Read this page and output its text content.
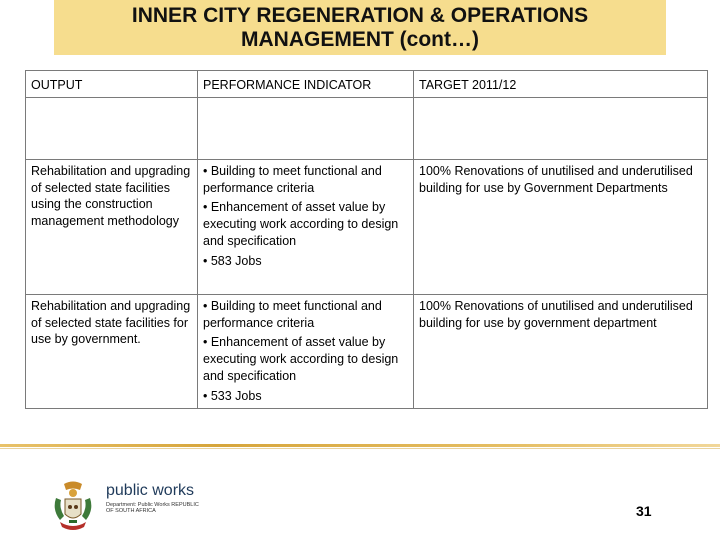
INNER CITY REGENERATION & OPERATIONS
MANAGEMENT (cont…)
OUTPUT	PERFORMANCE INDICATOR	TARGET 2011/12

Rehabilitation and upgrading of selected state facilities using the construction management methodology	• Building to meet functional and performance criteria
• Enhancement of asset value by executing work according to design and specification
• 583 Jobs	100% Renovations of unutilised and underutilised building for use by Government Departments
Rehabilitation and upgrading of selected state facilities for use by government.	• Building to meet functional and performance criteria
• Enhancement of asset value by executing work according to design and specification
• 533 Jobs	100% Renovations of unutilised and underutilised building for use by government department
public works
Department: Public Works REPUBLIC OF SOUTH AFRICA	31
